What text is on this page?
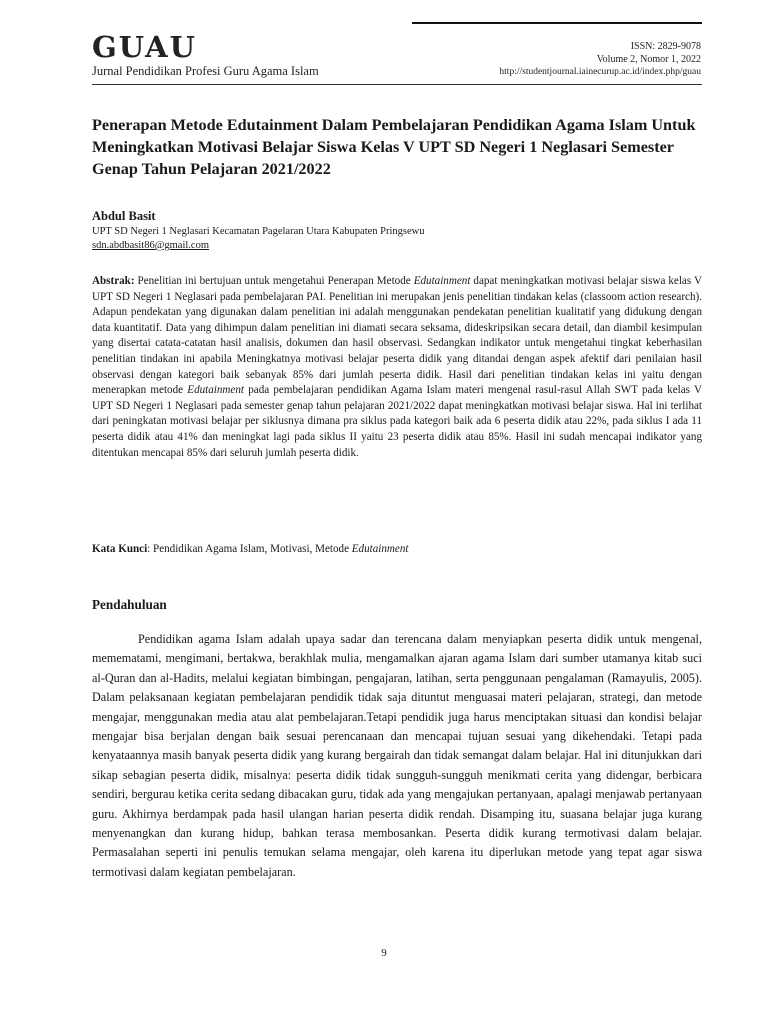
GUAU
Jurnal Pendidikan Profesi Guru Agama Islam
ISSN: 2829-9078
Volume 2, Nomor 1, 2022
http://studentjournal.iainecurup.ac.id/index.php/guau
Penerapan Metode Edutainment Dalam Pembelajaran Pendidikan Agama Islam Untuk Meningkatkan Motivasi Belajar Siswa Kelas V UPT SD Negeri 1 Neglasari Semester Genap Tahun Pelajaran 2021/2022
Abdul Basit
UPT SD Negeri 1 Neglasari Kecamatan Pagelaran Utara Kabupaten Pringsewu
sdn.abdbasit86@gmail.com

Abstrak: Penelitian ini bertujuan untuk mengetahui Penerapan Metode Edutainment dapat meningkatkan motivasi belajar siswa kelas V UPT SD Negeri 1 Neglasari pada pembelajaran PAI. Penelitian ini merupakan jenis penelitian tindakan kelas (classoom action research). Adapun pendekatan yang digunakan dalam penelitian ini adalah menggunakan pendekatan penelitian kualitatif yang didukung dengan data kuantitatif. Data yang dihimpun dalam penelitian ini diamati secara seksama, dideskripsikan secara detail, dan diambil kesimpulan yang disertai catata-catatan hasil analisis, dokumen dan hasil observasi. Sedangkan indikator untuk mengetahui tingkat keberhasilan penelitian tindakan ini apabila Meningkatnya motivasi belajar peserta didik yang ditandai dengan aspek afektif dari penilaian hasil observasi dengan kategori baik sebanyak 85% dari jumlah peserta didik. Hasil dari penelitian tindakan kelas ini yaitu dengan menerapkan metode Edutainment pada pembelajaran pendidikan Agama Islam materi mengenal rasul-rasul Allah SWT pada kelas V UPT SD Negeri 1 Neglasari pada semester genap tahun pelajaran 2021/2022 dapat meningkatkan motivasi belajar siswa. Hal ini terlihat dari peningkatan motivasi belajar per siklusnya dimana pra siklus pada kategori baik ada 6 peserta didik atau 22%, pada siklus I ada 11 peserta didik atau 41% dan meningkat lagi pada siklus II yaitu 23 peserta didik atau 85%. Hasil ini sudah mencapai indikator yang ditentukan mencapai 85% dari seluruh jumlah peserta didik.

Kata Kunci: Pendidikan Agama Islam, Motivasi, Metode Edutainment

Pendahuluan

Pendidikan agama Islam adalah upaya sadar dan terencana dalam menyiapkan peserta didik untuk mengenal, memematami, mengimani, bertakwa, berakhlak mulia, mengamalkan ajaran agama Islam dari sumber utamanya kitab suci al-Quran dan al-Hadits, melalui kegiatan bimbingan, pengajaran, latihan, serta penggunaan pengalaman (Ramayulis, 2005). Dalam pelaksanaan kegiatan pembelajaran pendidik tidak saja dituntut menguasai materi pelajaran, strategi, dan metode mengajar, menggunakan media atau alat pembelajaran.Tetapi pendidik juga harus menciptakan situasi dan kondisi belajar mengajar bisa berjalan dengan baik sesuai perencanaan dan mencapai tujuan sesuai yang dikehendaki. Tetapi pada kenyataannya masih banyak peserta didik yang kurang bergairah dan tidak semangat dalam belajar. Hal ini ditunjukkan dari sikap sebagian peserta didik, misalnya: peserta didik tidak sungguh-sungguh menikmati cerita yang didengar, berbicara sendiri, bergurau ketika cerita sedang dibacakan guru, tidak ada yang mengajukan pertanyaan, apalagi menjawab pertanyaan guru. Akhirnya berdampak pada hasil ulangan harian peserta didik rendah. Disamping itu, suasana belajar juga kurang menyenangkan dan kurang hidup, bahkan terasa membosankan. Peserta didik kurang termotivasi dalam belajar. Permasalahan seperti ini penulis temukan selama mengajar, oleh karena itu diperlukan metode yang tepat agar siswa termotivasi dalam kegiatan pembelajaran.

9
